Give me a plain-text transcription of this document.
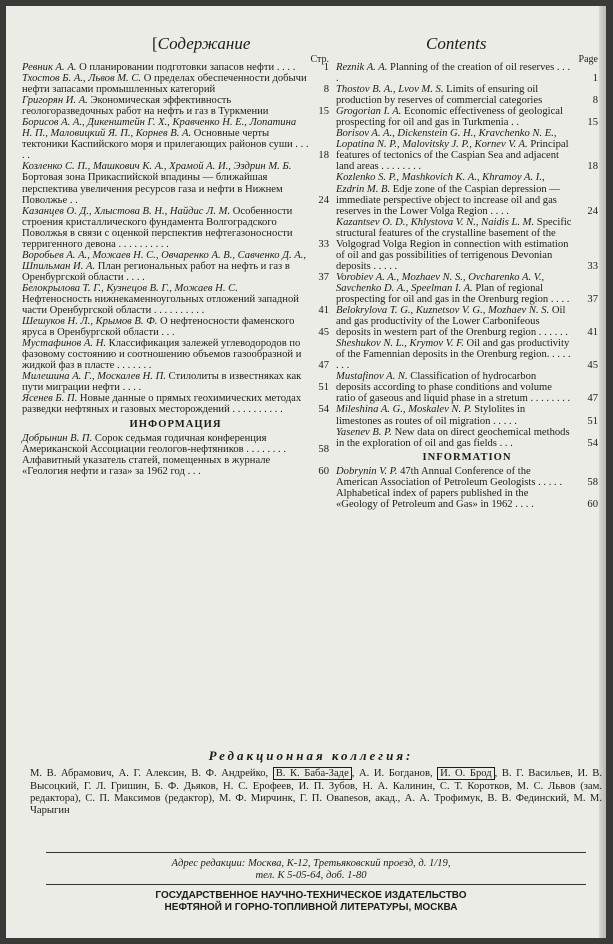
[Содержание
Стр.
Ревник А. А. О планировании подготовки запасов нефти . . . .	1
Тхостов Б. А., Львов М. С. О пределах обеспеченности добычи нефти запасами промышленных категорий	8
Григорян И. А. Экономическая эффективность геологоразведочных работ на нефть и газ в Туркмении	15
Борисов А. А., Дикенштейн Г. Х., Кравченко Н. Е., Лопатина Н. П., Маловицкий Я. П., Корнев В. А. Основные черты тектоники Каспийского моря и прилегающих районов суши . . . . .	18
Козленко С. П., Машкович К. А., Храмой А. И., Эздрин М. Б. Бортовая зона Прикаспийской впадины — ближайшая перспектива увеличения ресурсов газа и нефти в Нижнем Поволжье . .	24
Казанцев О. Д., Хлыстова В. Н., Найдис Л. М. Особенности строения кристаллического фундамента Волгоградского Поволжья в связи с оценкой перспектив нефтегазоносности терригенного девона . . . . . . . . . .	33
Воробьев А. А., Можаев Н. С., Овчаренко А. В., Савченко Д. А., Шпильман И. А. План региональных работ на нефть и газ в Оренбургской области . . . .	37
Белокрылова Т. Г., Кузнецов В. Г., Можаев Н. С. Нефтеносность нижнекаменноугольных отложений западной части Оренбургской области . . . . . . . . . .	41
Шешуков Н. Л., Крымов В. Ф. О нефтеносности фаменского яруса в Оренбургской области . . .	45
Мустафинов А. Н. Классификация залежей углеводородов по фазовому состоянию и соотношению объемов газообразной и жидкой фаз в пласте . . . . . . .	47
Милешина А. Г., Москалев Н. П. Стилолиты в известняках как пути миграции нефти . . . .	51
Ясенев Б. П. Новые данные о прямых геохимических методах разведки нефтяных и газовых месторождений . . . . . . . . . .	54
ИНФОРМАЦИЯ
Добрынин В. П. Сорок седьмая годичная конференция Американской Ассоциации геологов-нефтяников . . . . . . . .	58
Алфавитный указатель статей, помещенных в журнале «Геология нефти и газа» за 1962 год . . .	60
Contents
Page
Reznik A. A. Planning of the creation of oil reserves . . . .	1
Thostov B. A., Lvov M. S. Limits of ensuring oil production by reserves of commercial categories	8
Grogorian I. A. Economic effectiveness of geological prospecting for oil and gas in Turkmenia . .	15
Borisov A. A., Dickenstein G. H., Kravchenko N. E., Lopatina N. P., Malovitsky J. P., Kornev V. A. Principal features of tectonics of the Caspian Sea and adjacent land areas . . . . . . . .	18
Kozlenko S. P., Mashkovich K. A., Khramoy A. I., Ezdrin M. B. Edje zone of the Caspian depression — immediate perspective object to increase oil and gas reserves in the Lower Volga Region . . . .	24
Kazantsev O. D., Khlystova V. N., Naidis L. M. Specific structural features of the crystalline basement of the Volgograd Volga Region in connection with estimation of oil and gas possibilities of terrigenous Devonian deposits . . . . .	33
Vorobiev A. A., Mozhaev N. S., Ovcharenko A. V., Savchenko D. A., Speelman I. A. Plan of regional prospecting for oil and gas in the Orenburg region . . . . 37
Belokrylova T. G., Kuznetsov V. G., Mozhaev N. S. Oil and gas productivity of the Lower Carbonifeous deposits in western part of the Orenburg region . . . . . . 41
Sheshukov N. L., Krymov V. F. Oil and gas productivity of the Famennian deposits in the Orenburg region. . . . . . . .	45
Mustafinov A. N. Classification of hydrocarbon deposits according to phase conditions and volume ratio of gaseous and liquid phase in a stretum . . . . . . . . 47
Mileshina A. G., Moskalev N. P. Stylolites in limestones as routes of oil migration . . . . .	51
Yasenev B. P. New data on direct geochemical methods in the exploration of oil and gas fields . . .	54
INFORMATION
Dobrynin V. P. 47th Annual Conference of the American Association of Petroleum Geologists . . . . . 58
Alphabetical index of papers published in the «Geology of Petroleum and Gas» in 1962 . . . .	60
Редакционная коллегия:
М. В. Абрамович, А. Г. Алексин, В. Ф. Андрейко, В. К. Баба-Заде , А. И. Богданов, И. О. Брод , В. Г. Васильев, И. В. Высоцкий, Г. Л. Гришин, Б. Ф. Дьяков, Н. С. Ерофеев, И. П. Зубов, Н. А. Калинин, С. Т. Коротков, М. С. Львов (зам. редактора), С. П. Максимов (редактор), М. Ф. Мирчинк, Г. П. Овanesов, акад., А. А. Трофимук, В. В. Фединский, М. М. Чарыгин
Адрес редакции: Москва, К-12, Третьяковский проезд, д. 1/19,
тел. К 5-05-64, доб. 1-80
ГОСУДАРСТВЕННОЕ НАУЧНО-ТЕХНИЧЕСКОЕ ИЗДАТЕЛЬСТВО
НЕФТЯНОЙ И ГОРНО-ТОПЛИВНОЙ ЛИТЕРАТУРЫ, МОСКВА
